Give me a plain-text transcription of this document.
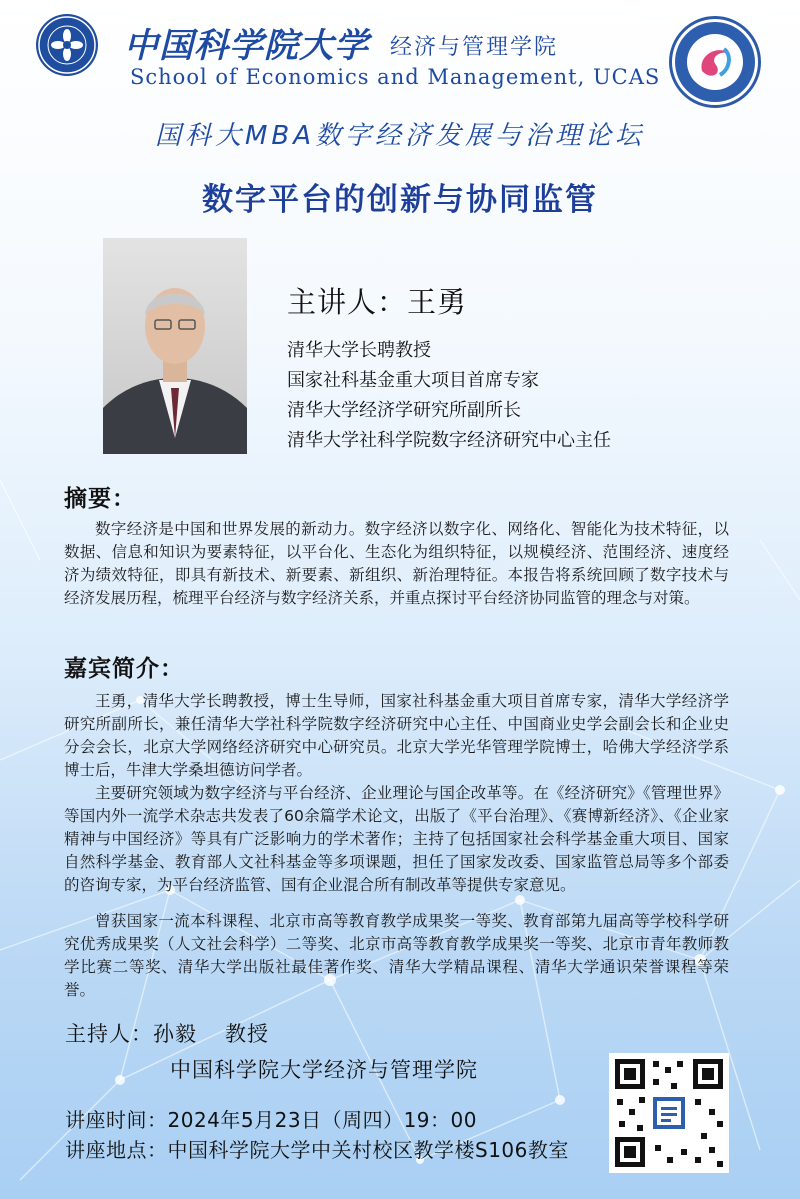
中国科学院大学 经济与管理学院
School of Economics and Management, UCAS
国科大MBA数字经济发展与治理论坛
数字平台的创新与协同监管
主讲人：王勇
清华大学长聘教授
国家社科基金重大项目首席专家
清华大学经济学研究所副所长
清华大学社科学院数字经济研究中心主任
摘要：

数字经济是中国和世界发展的新动力。数字经济以数字化、网络化、智能化为技术特征，以数据、信息和知识为要素特征，以平台化、生态化为组织特征，以规模经济、范围经济、速度经济为绩效特征，即具有新技术、新要素、新组织、新治理特征。本报告将系统回顾了数字技术与经济发展历程，梳理平台经济与数字经济关系，并重点探讨平台经济协同监管的理念与对策。

嘉宾简介：

王勇，清华大学长聘教授，博士生导师，国家社科基金重大项目首席专家，清华大学经济学研究所副所长，兼任清华大学社科学院数字经济研究中心主任、中国商业史学会副会长和企业史分会会长，北京大学网络经济研究中心研究员。北京大学光华管理学院博士，哈佛大学经济学系博士后，牛津大学桑坦德访问学者。

主要研究领域为数字经济与平台经济、企业理论与国企改革等。在《经济研究》《管理世界》等国内外一流学术杂志共发表了60余篇学术论文，出版了《平台治理》、《赛博新经济》、《企业家精神与中国经济》等具有广泛影响力的学术著作；主持了包括国家社会科学基金重大项目、国家自然科学基金、教育部人文社科基金等多项课题，担任了国家发改委、国家监管总局等多个部委的咨询专家，为平台经济监管、国有企业混合所有制改革等提供专家意见。

曾获国家一流本科课程、北京市高等教育教学成果奖一等奖、教育部第九届高等学校科学研究优秀成果奖（人文社会科学）二等奖、北京市高等教育教学成果奖一等奖、北京市青年教师教学比赛二等奖、清华大学出版社最佳著作奖、清华大学精品课程、清华大学通识荣誉课程等荣誉。

主持人：孙毅 教授
中国科学院大学经济与管理学院
讲座时间：2024年5月23日（周四）19：00
讲座地点：中国科学院大学中关村校区教学楼S106教室
